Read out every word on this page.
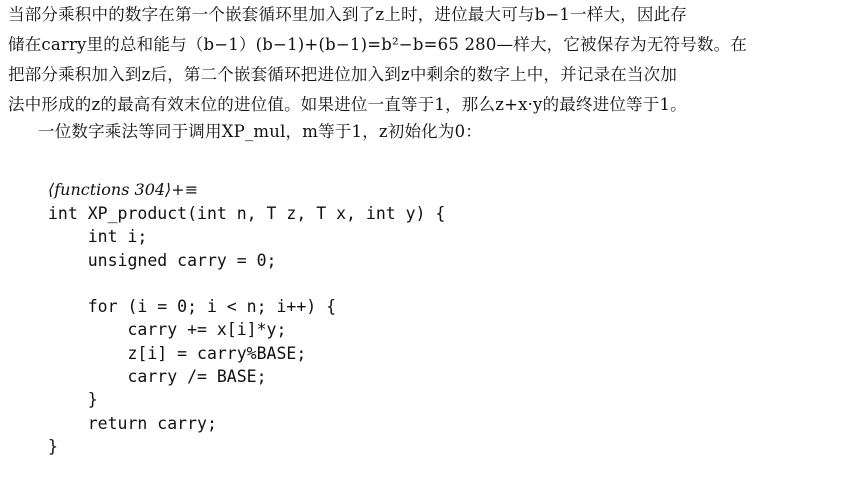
当部分乘积中的数字在第一个嵌套循环里加入到了z上时，进位最大可与b−1一样大，因此存
储在carry里的总和能与（b−1）(b−1)+(b−1)=b²−b=65 280—样大，它被保存为无符号数。在
把部分乘积加入到z后，第二个嵌套循环把进位加入到z中剩余的数字上中，并记录在当次加
法中形成的z的最高有效末位的进位值。如果进位一直等于1，那么z+x·y的最终进位等于1。
一位数字乘法等同于调用XP_mul，m等于1，z初始化为0：
⟨functions 304⟩+≡
int XP_product(int n, T z, T x, int y) {
int i;
unsigned carry = 0;
for (i = 0; i < n; i++) {
carry += x[i]*y;
z[i] = carry%BASE;
carry /= BASE;
}
return carry;
}
